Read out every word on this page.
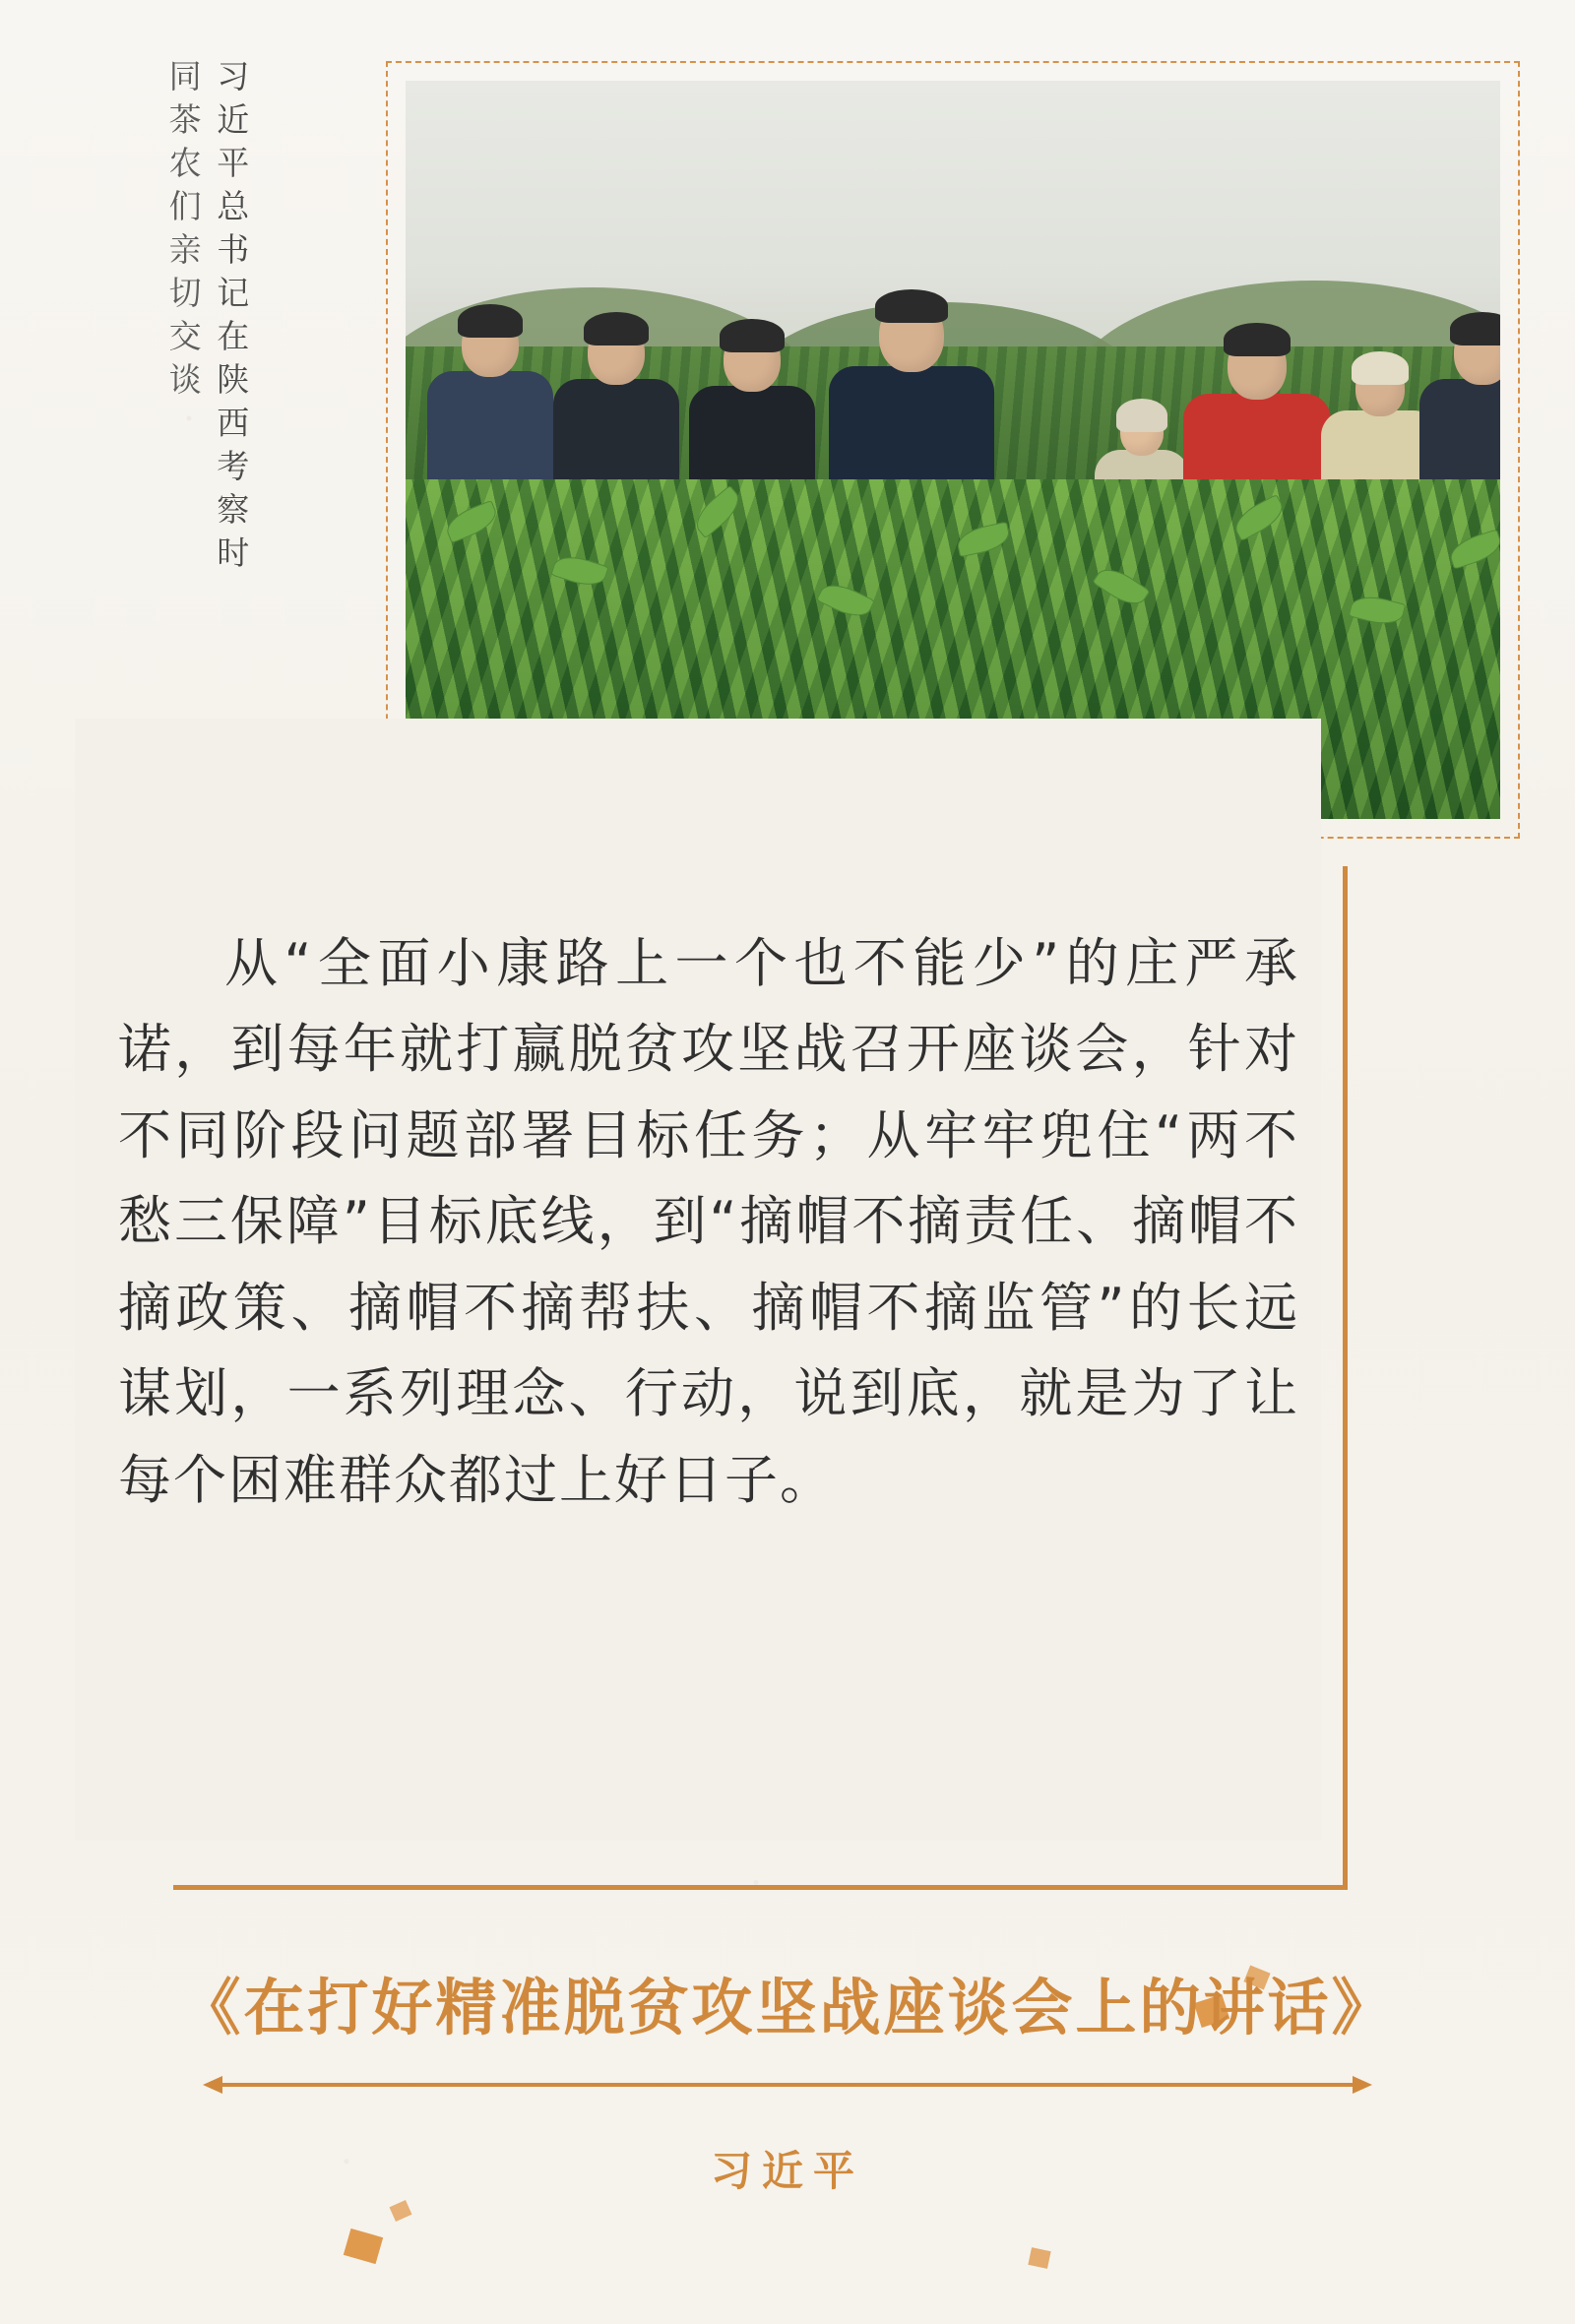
习近平总书记在陕西考察时
同茶农们亲切交谈
从“全面小康路上一个也不能少”的庄严承诺，到每年就打赢脱贫攻坚战召开座谈会，针对不同阶段问题部署目标任务；从牢牢兜住“两不愁三保障”目标底线，到“摘帽不摘责任、摘帽不摘政策、摘帽不摘帮扶、摘帽不摘监管”的长远谋划，一系列理念、行动，说到底，就是为了让每个困难群众都过上好日子。
《在打好精准脱贫攻坚战座谈会上的讲话》
习近平
